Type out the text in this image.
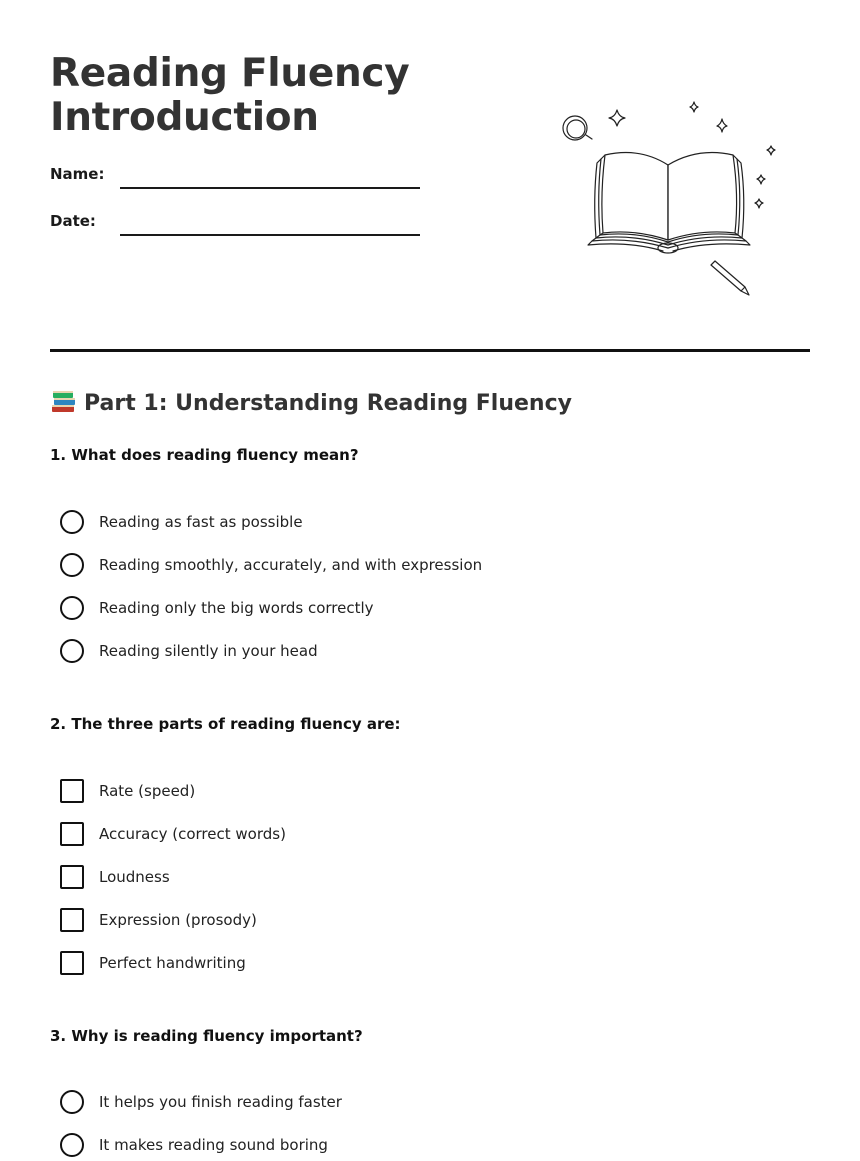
Reading Fluency
Introduction
Name:
Date:
Part 1: Understanding Reading Fluency
1. What does reading fluency mean?
Reading as fast as possible
Reading smoothly, accurately, and with expression
Reading only the big words correctly
Reading silently in your head
2. The three parts of reading fluency are:
Rate (speed)
Accuracy (correct words)
Loudness
Expression (prosody)
Perfect handwriting
3. Why is reading fluency important?
It helps you finish reading faster
It makes reading sound boring
